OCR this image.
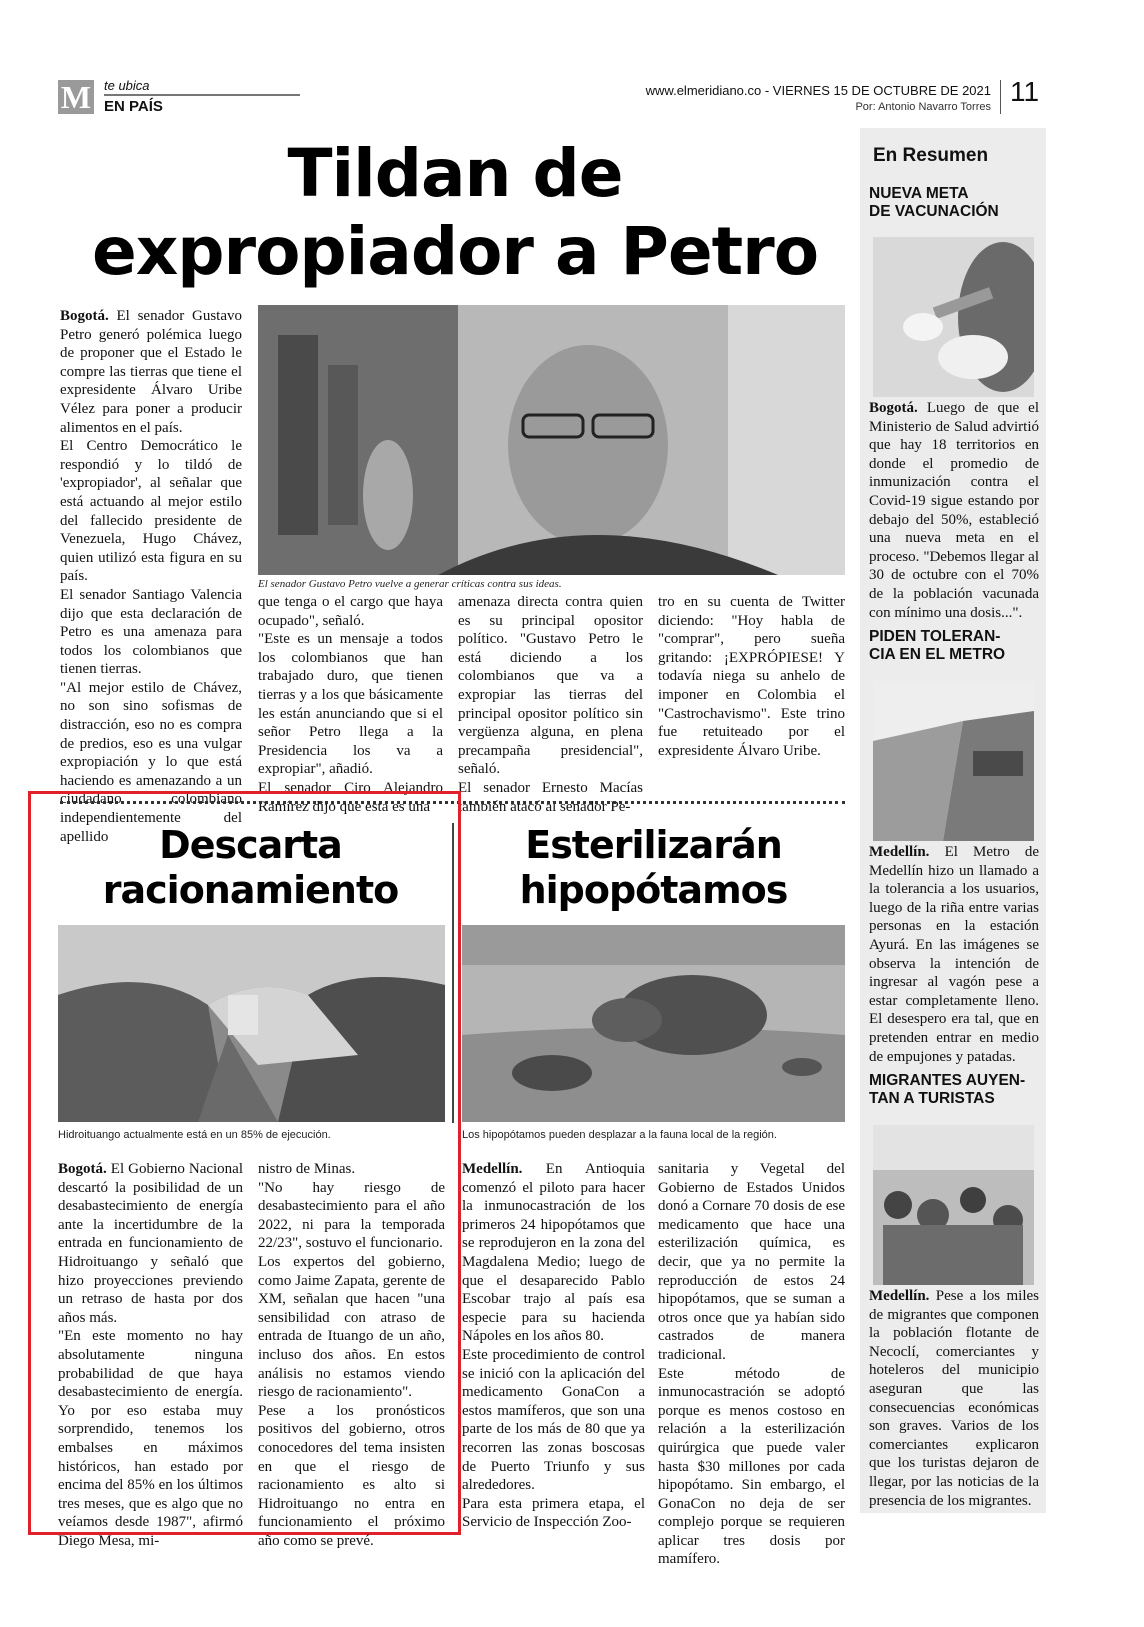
M te ubica
EN PAÍS
www.elmeridiano.co - VIERNES 15 DE OCTUBRE DE 2021
Por: Antonio Navarro Torres 11
Tildan de
expropiador a Petro
Bogotá. El senador Gustavo Petro generó polémica luego de proponer que el Estado le compre las tierras que tiene el expresidente Álvaro Uribe Vélez para poner a producir alimentos en el país.
El Centro Democrático le respondió y lo tildó de 'expropiador', al señalar que está actuando al mejor estilo del fallecido presidente de Venezuela, Hugo Chávez, quien utilizó esta figura en su país.
El senador Santiago Valencia dijo que esta declaración de Petro es una amenaza para todos los colombianos que tienen tierras.
"Al mejor estilo de Chávez, no son sino sofismas de distracción, eso no es compra de predios, eso es una vulgar expropiación y lo que está haciendo es amenazando a un ciudadano colombiano independientemente del apellido
El senador Gustavo Petro vuelve a generar críticas contra sus ideas.
que tenga o el cargo que haya ocupado", señaló.
"Este es un mensaje a todos los colombianos que han trabajado duro, que tienen tierras y a los que básicamente les están anunciando que si el señor Petro llega a la Presidencia los va a expropiar", añadió.
El senador Ciro Alejandro Ramírez dijo que esta es una
amenaza directa contra quien es su principal opositor político. "Gustavo Petro le está diciendo a los colombianos que va a expropiar las tierras del principal opositor político sin vergüenza alguna, en plena precampaña presidencial", señaló.
El senador Ernesto Macías también atacó al senador Pe-
tro en su cuenta de Twitter diciendo: "Hoy habla de "comprar", pero sueña gritando: ¡EXPRÓPIESE! Y todavía niega su anhelo de imponer en Colombia el "Castrochavismo". Este trino fue retuiteado por el expresidente Álvaro Uribe.
Descarta
racionamiento
Hidroituango actualmente está en un 85% de ejecución.
Bogotá. El Gobierno Nacional descartó la posibilidad de un desabastecimiento de energía ante la incertidumbre de la entrada en funcionamiento de Hidroituango y señaló que hizo proyecciones previendo un retraso de hasta por dos años más.
"En este momento no hay absolutamente ninguna probabilidad de que haya desabastecimiento de energía. Yo por eso estaba muy sorprendido, tenemos los embalses en máximos históricos, han estado por encima del 85% en los últimos tres meses, que es algo que no veíamos desde 1987", afirmó Diego Mesa, mi-
nistro de Minas.
"No hay riesgo de desabastecimiento para el año 2022, ni para la temporada 22/23", sostuvo el funcionario.
Los expertos del gobierno, como Jaime Zapata, gerente de XM, señalan que hacen "una sensibilidad con atraso de entrada de Ituango de un año, incluso dos años. En estos análisis no estamos viendo riesgo de racionamiento".
Pese a los pronósticos positivos del gobierno, otros conocedores del tema insisten en que el riesgo de racionamiento es alto si Hidroituango no entra en funcionamiento el próximo año como se prevé.
Esterilizarán
hipopótamos
Los hipopótamos pueden desplazar a la fauna local de la región.
Medellín. En Antioquia comenzó el piloto para hacer la inmunocastración de los primeros 24 hipopótamos que se reprodujeron en la zona del Magdalena Medio; luego de que el desaparecido Pablo Escobar trajo al país esa especie para su hacienda Nápoles en los años 80.
Este procedimiento de control se inició con la aplicación del medicamento GonaCon a estos mamíferos, que son una parte de los más de 80 que ya recorren las zonas boscosas de Puerto Triunfo y sus alrededores.
Para esta primera etapa, el Servicio de Inspección Zoo-
sanitaria y Vegetal del Gobierno de Estados Unidos donó a Cornare 70 dosis de ese medicamento que hace una esterilización química, es decir, que ya no permite la reproducción de estos 24 hipopótamos, que se suman a otros once que ya habían sido castrados de manera tradicional.
Este método de inmunocastración se adoptó porque es menos costoso en relación a la esterilización quirúrgica que puede valer hasta $30 millones por cada hipopótamo. Sin embargo, el GonaCon no deja de ser complejo porque se requieren aplicar tres dosis por mamífero.
En Resumen
NUEVA META
DE VACUNACIÓN
Bogotá. Luego de que el Ministerio de Salud advirtió que hay 18 territorios en donde el promedio de inmunización contra el Covid-19 sigue estando por debajo del 50%, estableció una nueva meta en el proceso. "Debemos llegar al 30 de octubre con el 70% de la población vacunada con mínimo una dosis...".
PIDEN TOLERAN-
CIA EN EL METRO
Medellín. El Metro de Medellín hizo un llamado a la tolerancia a los usuarios, luego de la riña entre varias personas en la estación Ayurá. En las imágenes se observa la intención de ingresar al vagón pese a estar completamente lleno. El desespero era tal, que en pretenden entrar en medio de empujones y patadas.
MIGRANTES AUYEN-
TAN A TURISTAS
Medellín. Pese a los miles de migrantes que componen la población flotante de Necoclí, comerciantes y hoteleros del municipio aseguran que las consecuencias económicas son graves. Varios de los comerciantes explicaron que los turistas dejaron de llegar, por las noticias de la presencia de los migrantes.
